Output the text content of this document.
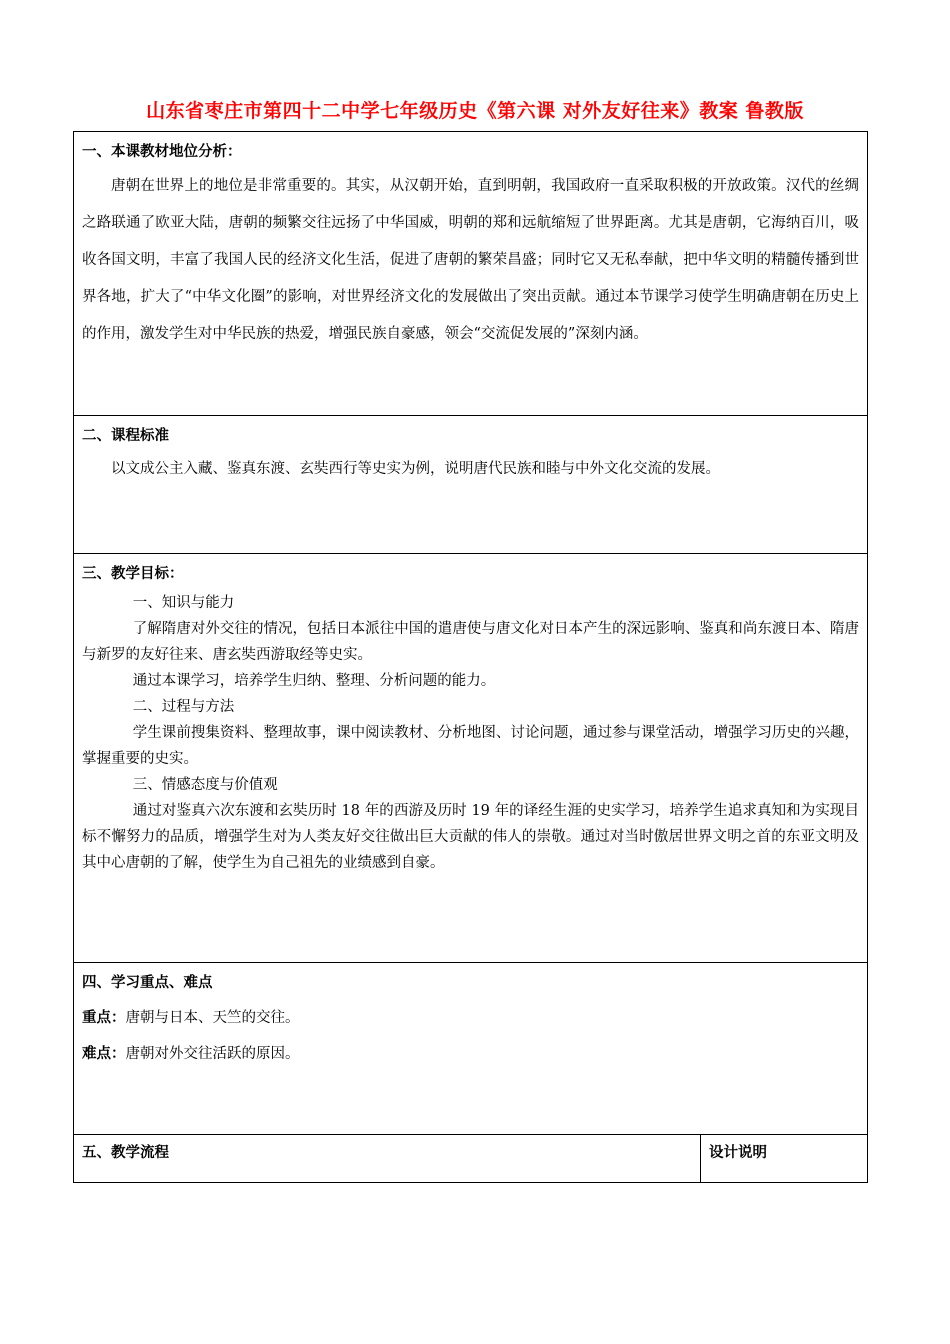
山东省枣庄市第四十二中学七年级历史《第六课 对外友好往来》教案 鲁教版
一、本课教材地位分析：

唐朝在世界上的地位是非常重要的。其实，从汉朝开始，直到明朝，我国政府一直采取积极的开放政策。汉代的丝绸之路联通了欧亚大陆，唐朝的频繁交往远扬了中华国威，明朝的郑和远航缩短了世界距离。尤其是唐朝，它海纳百川，吸收各国文明，丰富了我国人民的经济文化生活，促进了唐朝的繁荣昌盛；同时它又无私奉献，把中华文明的精髓传播到世界各地，扩大了“中华文化圈”的影响，对世界经济文化的发展做出了突出贡献。通过本节课学习使学生明确唐朝在历史上的作用，激发学生对中华民族的热爱，增强民族自豪感，领会“交流促发展的”深刻内涵。

二、课程标准

以文成公主入藏、鉴真东渡、玄奘西行等史实为例，说明唐代民族和睦与中外文化交流的发展。

三、教学目标：
一、知识与能力
了解隋唐对外交往的情况，包括日本派往中国的遣唐使与唐文化对日本产生的深远影响、鉴真和尚东渡日本、隋唐与新罗的友好往来、唐玄奘西游取经等史实。
通过本课学习，培养学生归纳、整理、分析问题的能力。
二、过程与方法
学生课前搜集资料、整理故事，课中阅读教材、分析地图、讨论问题，通过参与课堂活动，增强学习历史的兴趣，掌握重要的史实。
三、情感态度与价值观
通过对鉴真六次东渡和玄奘历时 18 年的西游及历时 19 年的译经生涯的史实学习，培养学生追求真知和为实现目标不懈努力的品质，增强学生对为人类友好交往做出巨大贡献的伟人的崇敬。通过对当时傲居世界文明之首的东亚文明及其中心唐朝的了解，使学生为自己祖先的业绩感到自豪。

四、学习重点、难点
重点：唐朝与日本、天竺的交往。
难点：唐朝对外交往活跃的原因。

五、教学流程	设计说明
